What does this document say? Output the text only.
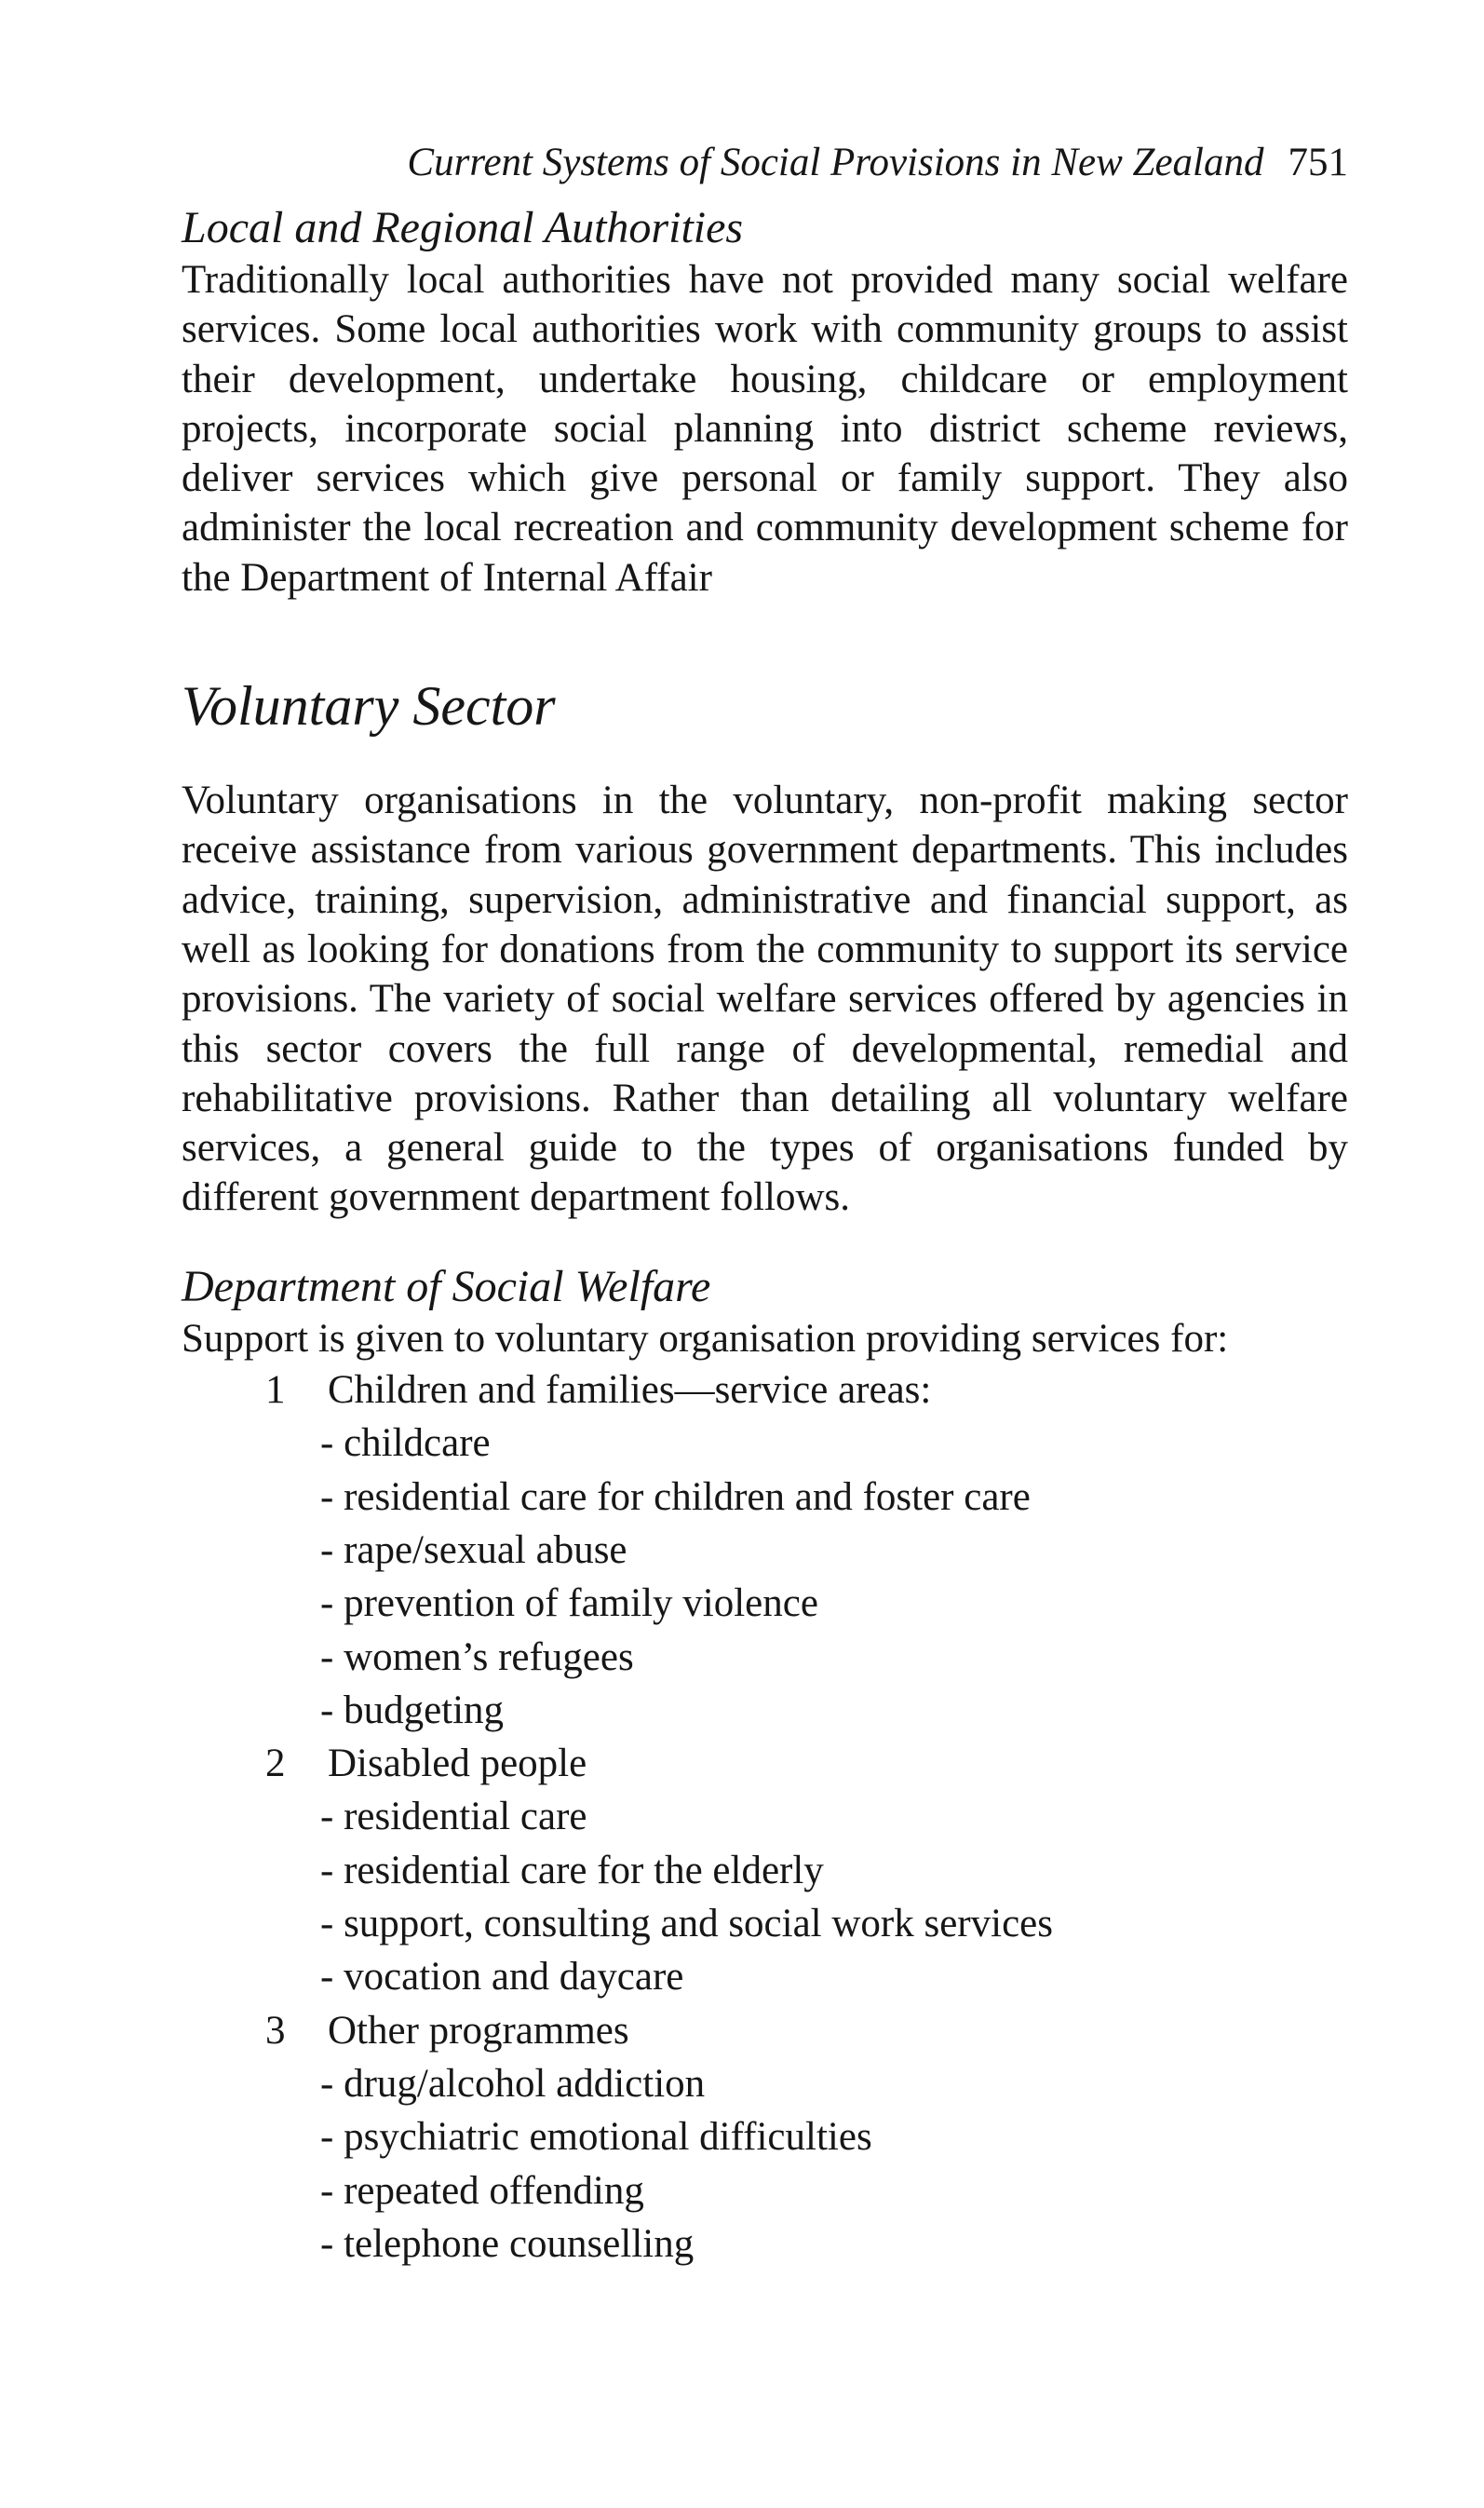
Current Systems of Social Provisions in New Zealand 751
Local and Regional Authorities

Traditionally local authorities have not provided many social welfare services. Some local authorities work with community groups to assist their development, undertake housing, childcare or employment projects, incorporate social planning into district scheme reviews, deliver services which give personal or family support. They also administer the local recreation and community development scheme for the Department of Internal Affair

Voluntary Sector

Voluntary organisations in the voluntary, non-profit making sector receive assistance from various government departments. This includes advice, training, supervision, administrative and financial support, as well as looking for donations from the community to support its service provisions. The variety of social welfare services offered by agencies in this sector covers the full range of developmental, remedial and rehabilitative provisions. Rather than detailing all voluntary welfare services, a general guide to the types of organisations funded by different government department follows.

Department of Social Welfare

Support is given to voluntary organisation providing services for:

1 Children and families—service areas:
- childcare
- residential care for children and foster care
- rape/sexual abuse
- prevention of family violence
- women’s refugees
- budgeting
2 Disabled people
- residential care
- residential care for the elderly
- support, consulting and social work services
- vocation and daycare
3 Other programmes
- drug/alcohol addiction
- psychiatric emotional difficulties
- repeated offending
- telephone counselling
